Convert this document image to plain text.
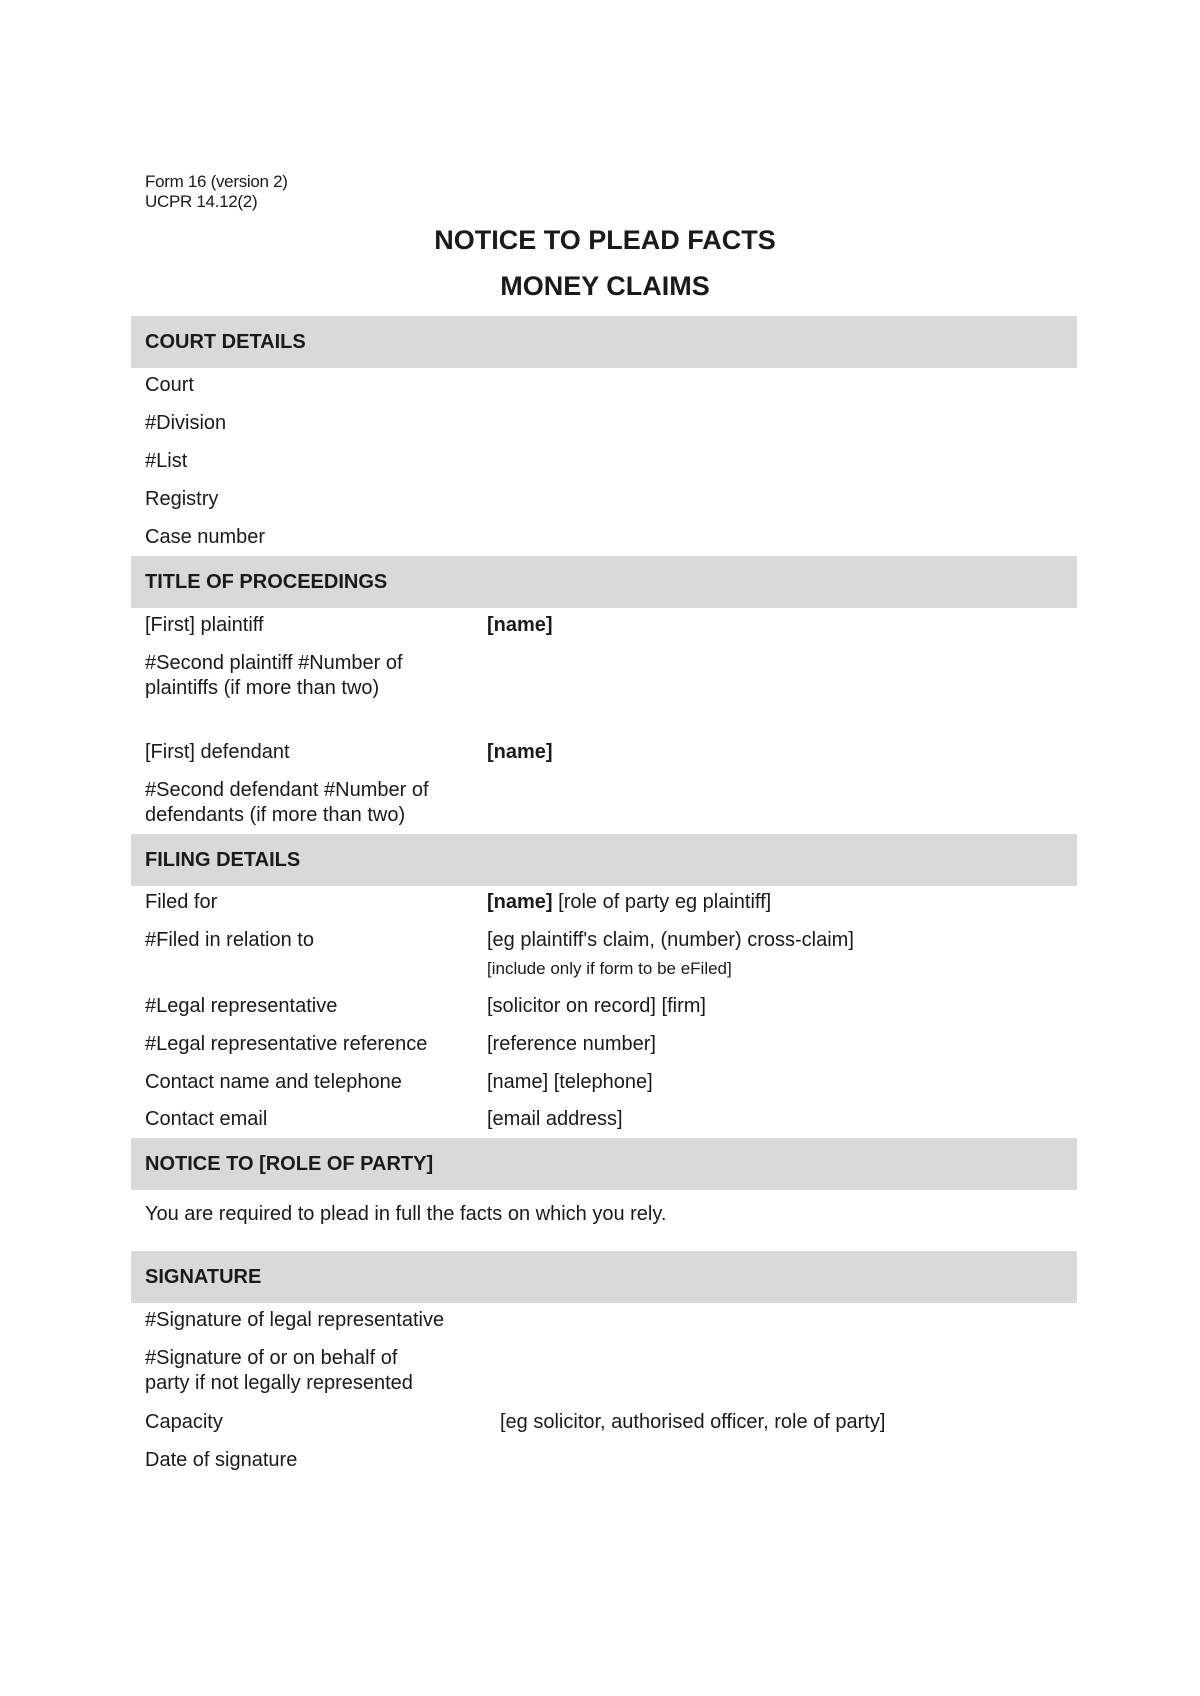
Form 16 (version 2)
UCPR 14.12(2)
NOTICE TO PLEAD FACTS
MONEY CLAIMS
COURT DETAILS
Court
#Division
#List
Registry
Case number
TITLE OF PROCEEDINGS
[First] plaintiff	[name]
#Second plaintiff #Number of
plaintiffs (if more than two)
[First] defendant	[name]
#Second defendant #Number of
defendants (if more than two)
FILING DETAILS
Filed for	[name] [role of party eg plaintiff]
#Filed in relation to	[eg plaintiff's claim, (number) cross-claim]
[include only if form to be eFiled]
#Legal representative	[solicitor on record] [firm]
#Legal representative reference	[reference number]
Contact name and telephone	[name] [telephone]
Contact email	[email address]
NOTICE TO [ROLE OF PARTY]
You are required to plead in full the facts on which you rely.
SIGNATURE
#Signature of legal representative
#Signature of or on behalf of
party if not legally represented
Capacity	[eg solicitor, authorised officer, role of party]
Date of signature
